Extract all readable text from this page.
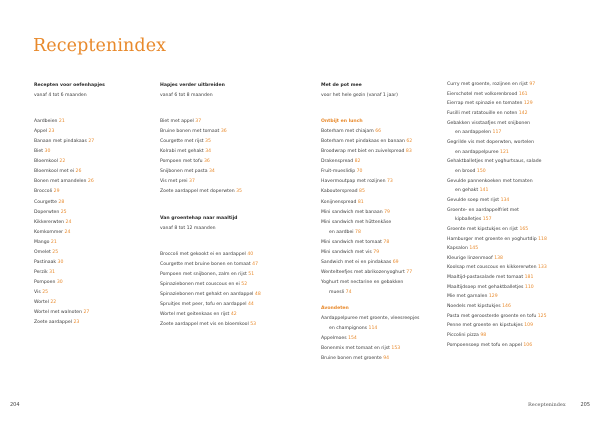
Receptenindex
Recepten voor oefenhapjes
vanaf 4 tot 6 maanden
Aardbeien 21
Appel 23
Banaan met pindakaas 27
Biet 30
Bloemkool 22
Bloemkool met ei 26
Bonen met amandelen 26
Broccoli 29
Courgette 28
Doperwten 25
Kikkererwten 24
Komkommer 24
Mango 21
Omelet 25
Pastinaak 30
Perzik 31
Pompoen 30
Vis 25
Wortel 22
Wortel met walnoten 27
Zoete aardappel 23
Hapjes verder uitbreiden
vanaf 6 tot 8 maanden
Biet met appel 37
Bruine bonen met tomaat 36
Courgette met rijst 35
Kolrabi met gehakt 34
Pompoen met tofu 36
Snijbonen met pasta 34
Vis met prei 37
Zoete aardappel met doperwten 35
Van groentehap naar maaltijd
vanaf 8 tot 12 maanden
Broccoli met gekookt ei en aardappel 40
Courgette met bruine bonen en tomaat 47
Pompoen met snijbonen, zalm en rijst 51
Spinaziebonen met couscous en ei 52
Spinaziebonen met gehakt en aardappel 48
Spruitjes met peer, tofu en aardappel 44
Wortel met geitenkaas en rijst 42
Zoete aardappel met vis en bloemkool 53
Met de pot mee
voor het hele gezin (vanaf 1 jaar)
Ontbijt en lunch
Boterham met chiajam 66
Boterham met pindakaas en banaan 62
Broodwrap met biet en zuivelspread 83
Drakenspread 82
Fruit-mueslidip 70
Havermoutpap met rozijnen 73
Kabouterspread 85
Konijnenspread 81
Mini sandwich met banaan 79
Mini sandwich met hüttenkäse
en aardbei 78
Mini sandwich met tomaat 78
Mini sandwich met vis 79
Sandwich met ei en pindakaas 69
Wentelteefjes met abrikozenyoghurt 77
Yoghurt met nectarine en gebakken
muesli 74
Avondeten
Aardappelpuree met groente, vleesreepjes
en champignons 114
Appelmoes 154
Bonenmix met tomaat en rijst 153
Bruine bonen met groente 94
Curry met groente, rozijnen en rijst 97
Eierschotel met volkorenbrood 161
Eierrap met spinazie en tomaten 129
Fusilli met ratatouille en noten 142
Gebakken visstaafjes met snijbonen
en aardappelen 117
Gegrilde vis met doperwten, wortelen
en aardappelpuree 121
Gehaktballetjes met yoghurtsaus, salade
en brood 150
Gevulde pannenkoeken met tomaten
en gehakt 141
Gevulde soep met rijst 134
Groente- en aardappelfriet met
kipballetjes 157
Groente met kipstukjes en rijst 165
Hamburger met groente en yoghurtdip 118
Kapsalon 145
Kleurige linzenmoof 138
Koolsap met couscous en kikkererwten 133
Maaltijd-pastasalade met tomaat 181
Maaltijdsoep met gehaktballetjes 110
Mie met garnalen 129
Noedels met kipstukjes 146
Pasta met geroosterde groente en tofu 125
Penne met groente en kipstukjes 109
Piccolini pizza 98
Pompoensoep met tofu en appel 106
204	Receptenindex	205
